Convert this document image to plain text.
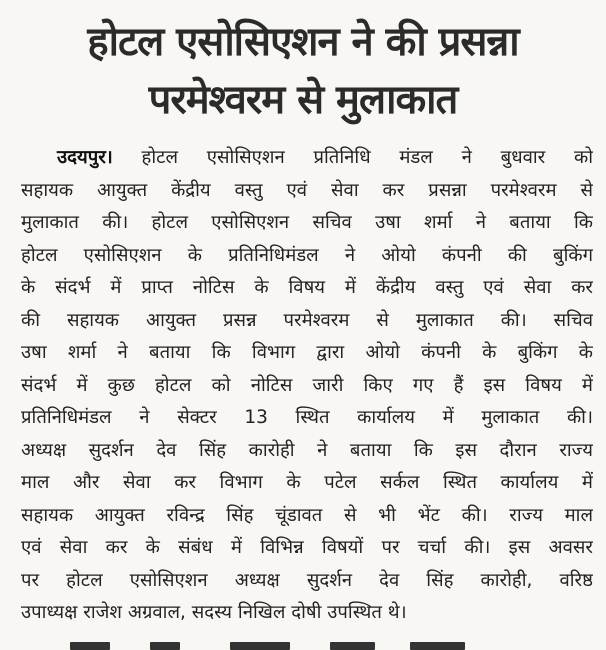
होटल एसोसिएशन ने की प्रसन्ना
परमेश्वरम से मुलाकात
उदयपुर। होटल एसोसिएशन प्रतिनिधि मंडल ने बुधवार को
सहायक आयुक्त केंद्रीय वस्तु एवं सेवा कर प्रसन्ना परमेश्वरम से
मुलाकात की। होटल एसोसिएशन सचिव उषा शर्मा ने बताया कि
होटल एसोसिएशन के प्रतिनिधिमंडल ने ओयो कंपनी की बुकिंग
के संदर्भ में प्राप्त नोटिस के विषय में केंद्रीय वस्तु एवं सेवा कर
की सहायक आयुक्त प्रसन्न परमेश्वरम से मुलाकात की। सचिव
उषा शर्मा ने बताया कि विभाग द्वारा ओयो कंपनी के बुकिंग के
संदर्भ में कुछ होटल को नोटिस जारी किए गए हैं इस विषय में
प्रतिनिधिमंडल ने सेक्टर 13 स्थित कार्यालय में मुलाकात की।
अध्यक्ष सुदर्शन देव सिंह कारोही ने बताया कि इस दौरान राज्य
माल और सेवा कर विभाग के पटेल सर्कल स्थित कार्यालय में
सहायक आयुक्त रविन्द्र सिंह चूंडावत से भी भेंट की। राज्य माल
एवं सेवा कर के संबंध में विभिन्न विषयों पर चर्चा की। इस अवसर
पर होटल एसोसिएशन अध्यक्ष सुदर्शन देव सिंह कारोही, वरिष्ठ
उपाध्यक्ष राजेश अग्रवाल, सदस्य निखिल दोषी उपस्थित थे।
